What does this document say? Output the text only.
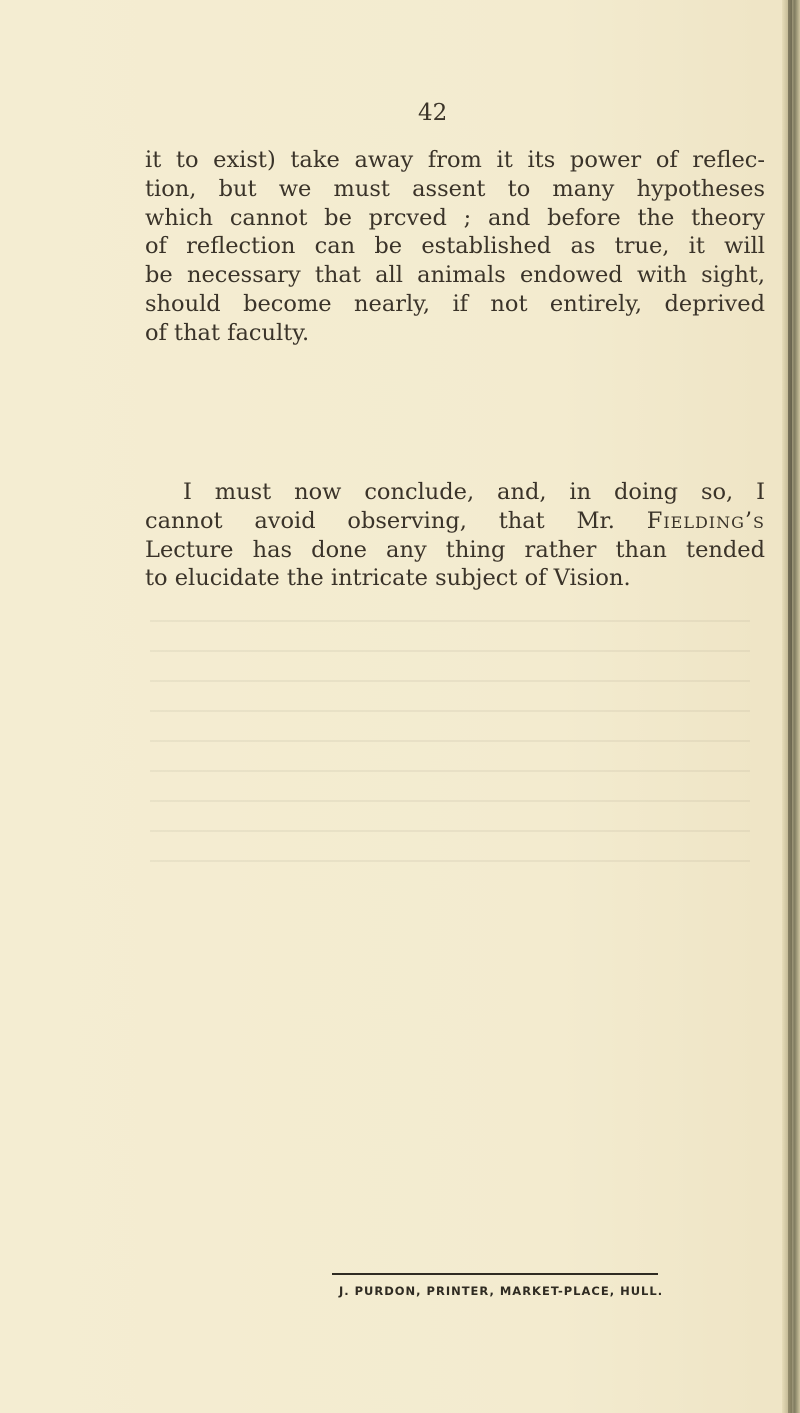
42
it to exist) take away from it its power of reflec-
tion, but we must assent to many hypotheses
which cannot be prcved ; and before the theory
of reflection can be established as true, it will
be necessary that all animals endowed with sight,
should become nearly, if not entirely, deprived
of that faculty.
I must now conclude, and, in doing so, I
cannot avoid observing, that Mr. Fielding’s
Lecture has done any thing rather than tended
to elucidate the intricate subject of Vision.
J. PURDON, PRINTER, MARKET-PLACE, HULL.
